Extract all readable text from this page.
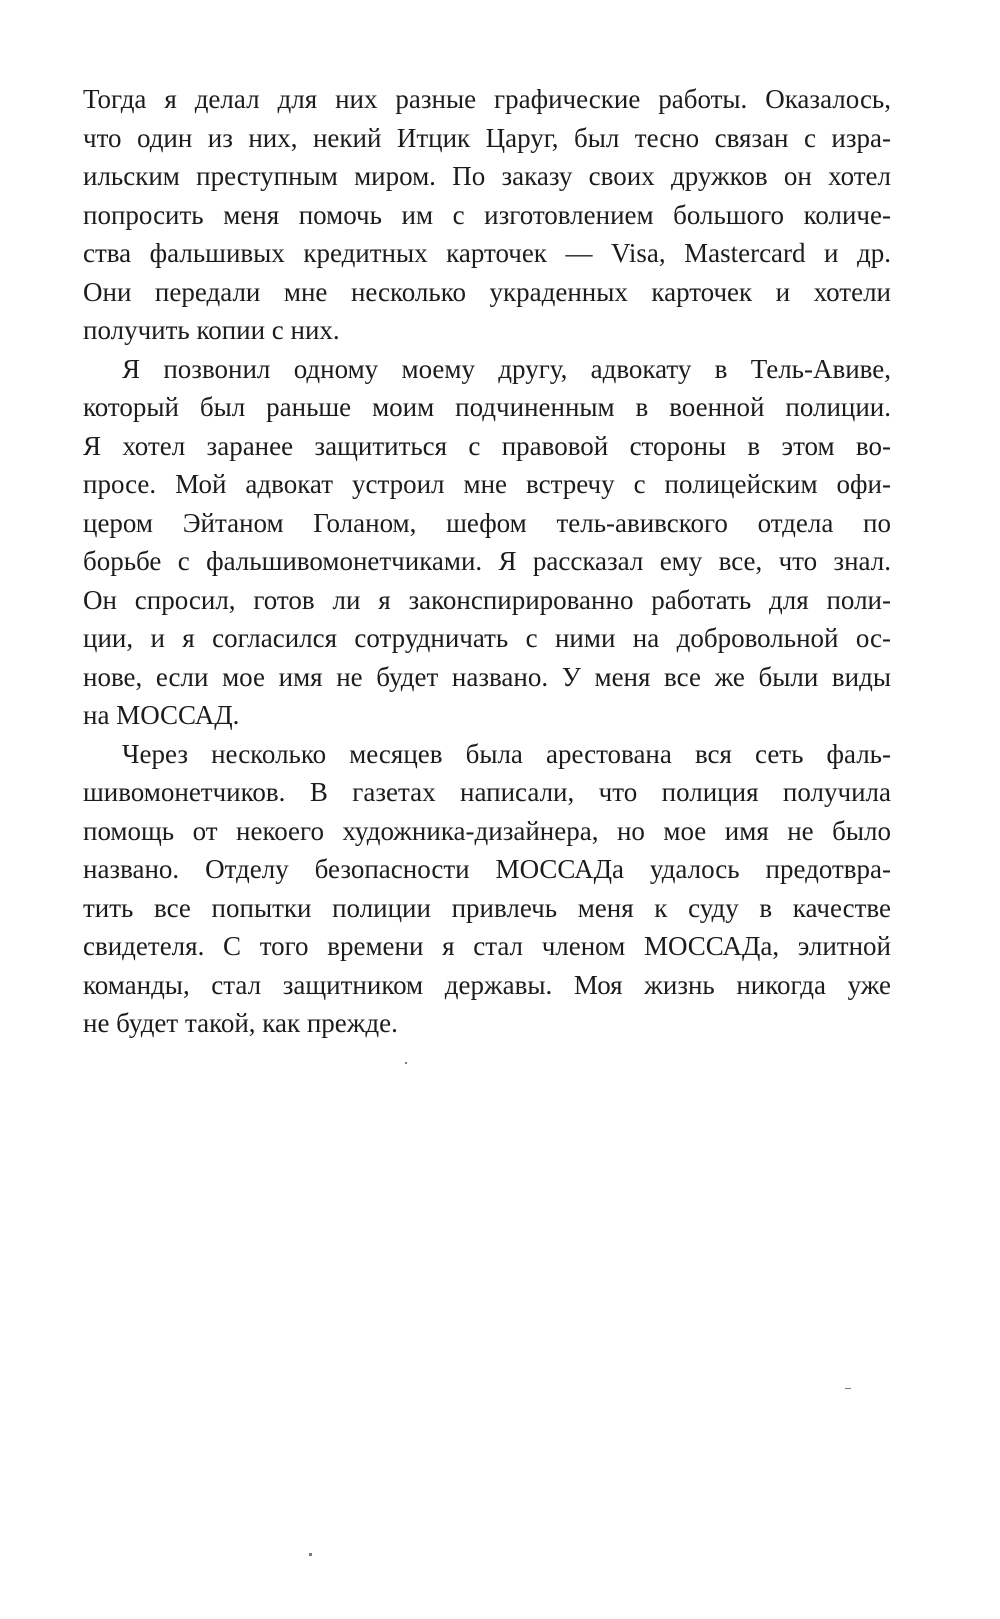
Тогда я делал для них разные графические работы. Оказалось,
что один из них, некий Итцик Царуг, был тесно связан с изра-
ильским преступным миром. По заказу своих дружков он хотел
попросить меня помочь им с изготовлением большого количе-
ства фальшивых кредитных карточек — Visa, Mastercard и др.
Они передали мне несколько украденных карточек и хотели
получить копии с них.
Я позвонил одному моему другу, адвокату в Тель-Авиве,
который был раньше моим подчиненным в военной полиции.
Я хотел заранее защититься с правовой стороны в этом во-
просе. Мой адвокат устроил мне встречу с полицейским офи-
цером Эйтаном Голаном, шефом тель-авивского отдела по
борьбе с фальшивомонетчиками. Я рассказал ему все, что знал.
Он спросил, готов ли я законспирированно работать для поли-
ции, и я согласился сотрудничать с ними на добровольной ос-
нове, если мое имя не будет названо. У меня все же были виды
на МОССАД.
Через несколько месяцев была арестована вся сеть фаль-
шивомонетчиков. В газетах написали, что полиция получила
помощь от некоего художника-дизайнера, но мое имя не было
названо. Отделу безопасности МОССАДа удалось предотвра-
тить все попытки полиции привлечь меня к суду в качестве
свидетеля. С того времени я стал членом МОССАДа, элитной
команды, стал защитником державы. Моя жизнь никогда уже
не будет такой, как прежде.
